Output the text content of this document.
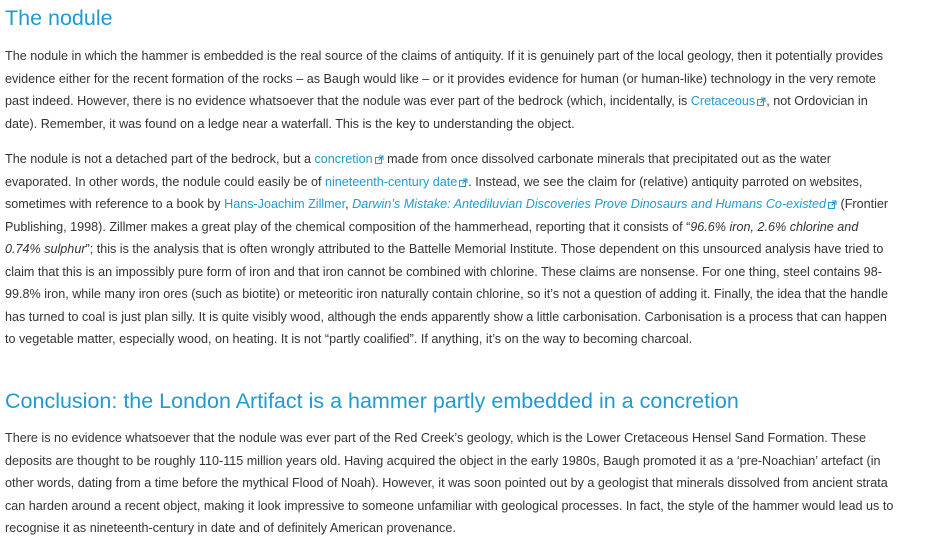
The nodule

The nodule in which the hammer is embedded is the real source of the claims of antiquity. If it is genuinely part of the local geology, then it potentially provides evidence either for the recent formation of the rocks – as Baugh would like – or it provides evidence for human (or human-like) technology in the very remote past indeed. However, there is no evidence whatsoever that the nodule was ever part of the bedrock (which, incidentally, is Cretaceous , not Ordovician in date). Remember, it was found on a ledge near a waterfall. This is the key to understanding the object.

The nodule is not a detached part of the bedrock, but a concretion
made from once dissolved carbonate minerals that precipitated out as the water evaporated. In other words, the nodule could easily be of nineteenth-century date . Instead, we see the claim for (relative) antiquity parroted on websites, sometimes with reference to a book by Hans-Joachim Zillmer, Darwin’s Mistake: Antediluvian Discoveries Prove Dinosaurs and Humans Co-existed
(Frontier Publishing, 1998). Zillmer makes a great play of the chemical composition of the hammerhead, reporting that it consists of “96.6% iron, 2.6% chlorine and 0.74% sulphur”; this is the analysis that is often wrongly attributed to the Battelle Memorial Institute. Those dependent on this unsourced analysis have tried to claim that this is an impossibly pure form of iron and that iron cannot be combined with chlorine. These claims are nonsense. For one thing, steel contains 98-99.8% iron, while many iron ores (such as biotite) or meteoritic iron naturally contain chlorine, so it’s not a question of adding it. Finally, the idea that the handle has turned to coal is just plan silly. It is quite visibly wood, although the ends apparently show a little carbonisation. Carbonisation is a process that can happen to vegetable matter, especially wood, on heating. It is not “partly coalified”. If anything, it’s on the way to becoming charcoal.

Conclusion: the London Artifact is a hammer partly embedded in a concretion

There is no evidence whatsoever that the nodule was ever part of the Red Creek’s geology, which is the Lower Cretaceous Hensel Sand Formation. These deposits are thought to be roughly 110-115 million years old. Having acquired the object in the early 1980s, Baugh promoted it as a ‘pre-Noachian’ artefact (in other words, dating from a time before the mythical Flood of Noah). However, it was soon pointed out by a geologist that minerals dissolved from ancient strata can harden around a recent object, making it look impressive to someone unfamiliar with geological processes. In fact, the style of the hammer would lead us to recognise it as nineteenth-century in date and of definitely American provenance.
